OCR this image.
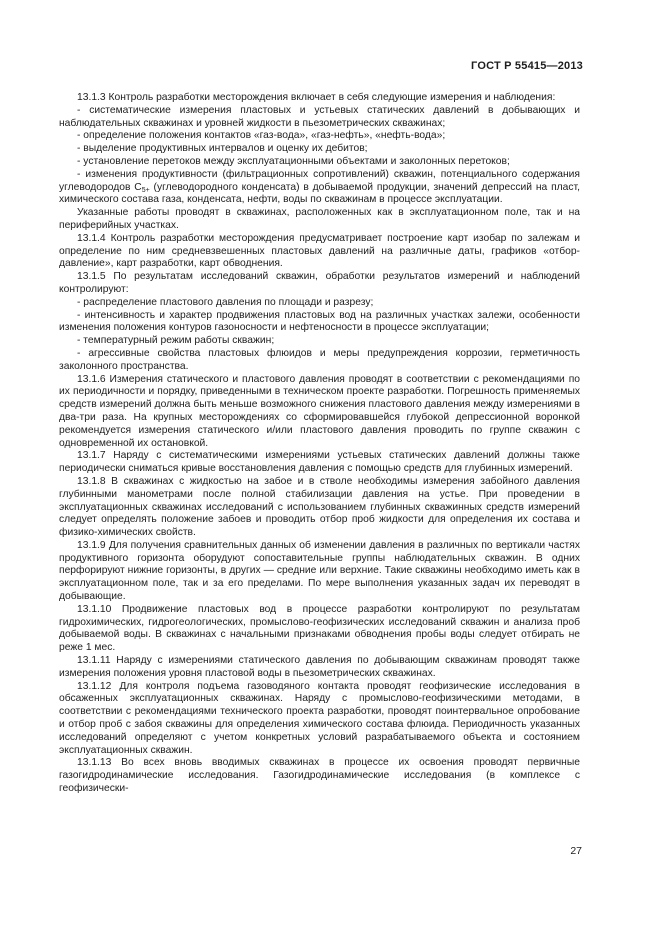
ГОСТ Р 55415—2013

13.1.3 Контроль разработки месторождения включает в себя следующие измерения и наблюдения:

- систематические измерения пластовых и устьевых статических давлений в добывающих и наблюдательных скважинах и уровней жидкости в пьезометрических скважинах;

- определение положения контактов «газ-вода», «газ-нефть», «нефть-вода»;

- выделение продуктивных интервалов и оценку их дебитов;

- установление перетоков между эксплуатационными объектами и заколонных перетоков;

- изменения продуктивности (фильтрационных сопротивлений) скважин, потенциального содержания углеводородов $C_{5+}$ (углеводородного конденсата) в добываемой продукции, значений депрессий на пласт, химического состава газа, конденсата, нефти, воды по скважинам в процессе эксплуатации.

Указанные работы проводят в скважинах, расположенных как в эксплуатационном поле, так и на периферийных участках.

13.1.4 Контроль разработки месторождения предусматривает построение карт изобар по залежам и определение по ним средневзвешенных пластовых давлений на различные даты, графиков «отбор-давление», карт разработки, карт обводнения.

13.1.5 По результатам исследований скважин, обработки результатов измерений и наблюдений контролируют:

- распределение пластового давления по площади и разрезу;

- интенсивность и характер продвижения пластовых вод на различных участках залежи, особенности изменения положения контуров газоносности и нефтеносности в процессе эксплуатации;

- температурный режим работы скважин;

- агрессивные свойства пластовых флюидов и меры предупреждения коррозии, герметичность заколонного пространства.

13.1.6 Измерения статического и пластового давления проводят в соответствии с рекомендациями по их периодичности и порядку, приведенными в техническом проекте разработки. Погрешность применяемых средств измерений должна быть меньше возможного снижения пластового давления между измерениями в два-три раза. На крупных месторождениях со сформировавшейся глубокой депрессионной воронкой рекомендуется измерения статического и/или пластового давления проводить по группе скважин с одновременной их остановкой.

13.1.7 Наряду с систематическими измерениями устьевых статических давлений должны также периодически сниматься кривые восстановления давления с помощью средств для глубинных измерений.

13.1.8 В скважинах с жидкостью на забое и в стволе необходимы измерения забойного давления глубинными манометрами после полной стабилизации давления на устье. При проведении в эксплуатационных скважинах исследований с использованием глубинных скважинных средств измерений следует определять положение забоев и проводить отбор проб жидкости для определения их состава и физико-химических свойств.

13.1.9 Для получения сравнительных данных об изменении давления в различных по вертикали частях продуктивного горизонта оборудуют сопоставительные группы наблюдательных скважин. В одних перфорируют нижние горизонты, в других — средние или верхние. Такие скважины необходимо иметь как в эксплуатационном поле, так и за его пределами. По мере выполнения указанных задач их переводят в добывающие.

13.1.10 Продвижение пластовых вод в процессе разработки контролируют по результатам гидрохимических, гидрогеологических, промыслово-геофизических исследований скважин и анализа проб добываемой воды. В скважинах с начальными признаками обводнения пробы воды следует отбирать не реже 1 мес.

13.1.11 Наряду с измерениями статического давления по добывающим скважинам проводят также измерения положения уровня пластовой воды в пьезометрических скважинах.

13.1.12 Для контроля подъема газоводяного контакта проводят геофизические исследования в обсаженных эксплуатационных скважинах. Наряду с промыслово-геофизическими методами, в соответствии с рекомендациями технического проекта разработки, проводят поинтервальное опробование и отбор проб с забоя скважины для определения химического состава флюида. Периодичность указанных исследований определяют с учетом конкретных условий разрабатываемого объекта и состоянием эксплуатационных скважин.

13.1.13 Во всех вновь вводимых скважинах в процессе их освоения проводят первичные газогидродинамические исследования. Газогидродинамические исследования (в комплексе с геофизически-

27
